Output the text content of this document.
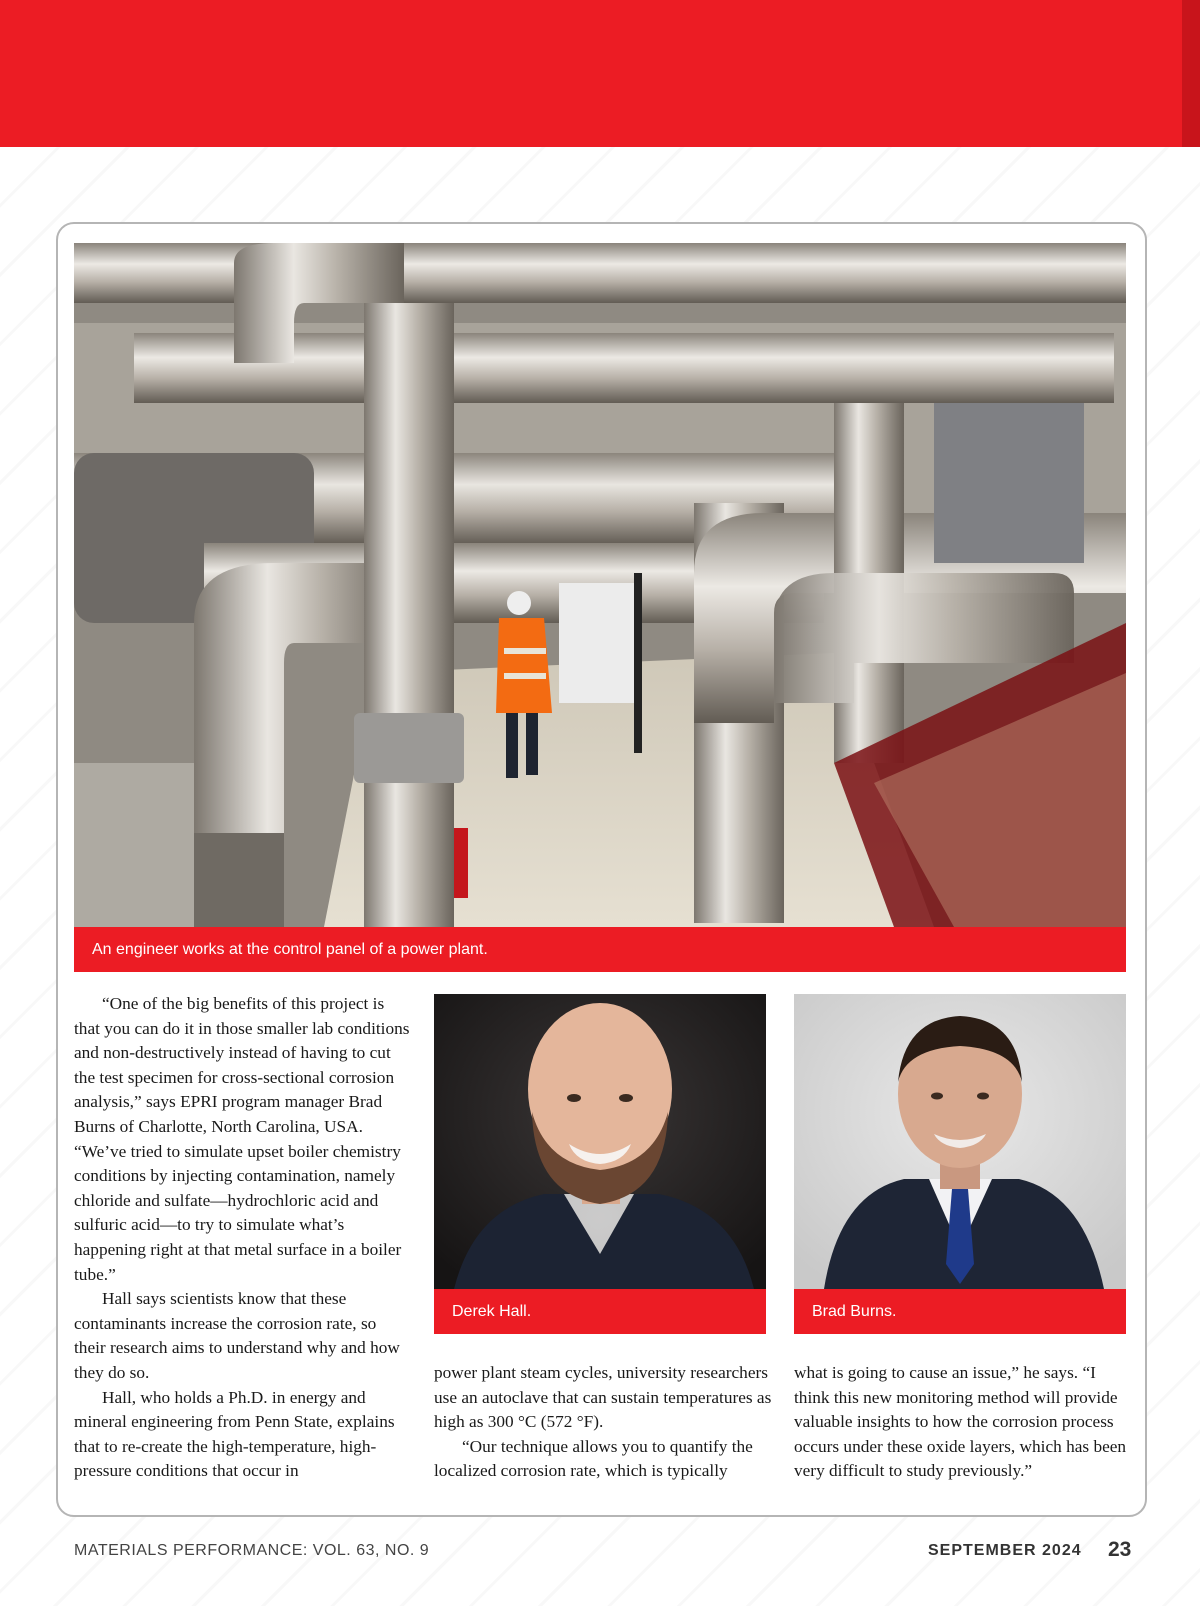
An engineer works at the control panel of a power plant.
Derek Hall.	Brad Burns.

“One of the big benefits of this project is that you can do it in those smaller lab conditions and non-destructively instead of having to cut the test specimen for cross-sectional corrosion analysis,” says EPRI program manager Brad Burns of Charlotte, North Carolina, USA. “We’ve tried to simulate upset boiler chemistry conditions by injecting contamination, namely chloride and sulfate—hydrochloric acid and sulfuric acid—to try to simulate what’s happening right at that metal surface in a boiler tube.”

Hall says scientists know that these contaminants increase the corrosion rate, so their research aims to understand why and how they do so.

Hall, who holds a Ph.D. in energy and mineral engineering from Penn State, explains that to re-create the high-temperature, high-pressure conditions that occur in

power plant steam cycles, university researchers use an autoclave that can sustain temperatures as high as 300 °C (572 °F).

“Our technique allows you to quantify the localized corrosion rate, which is typically

what is going to cause an issue,” he says. “I think this new monitoring method will provide valuable insights to how the corrosion process occurs under these oxide layers, which has been very difficult to study previously.”

MATERIALS PERFORMANCE: VOL. 63, NO. 9	SEPTEMBER 2024 23
